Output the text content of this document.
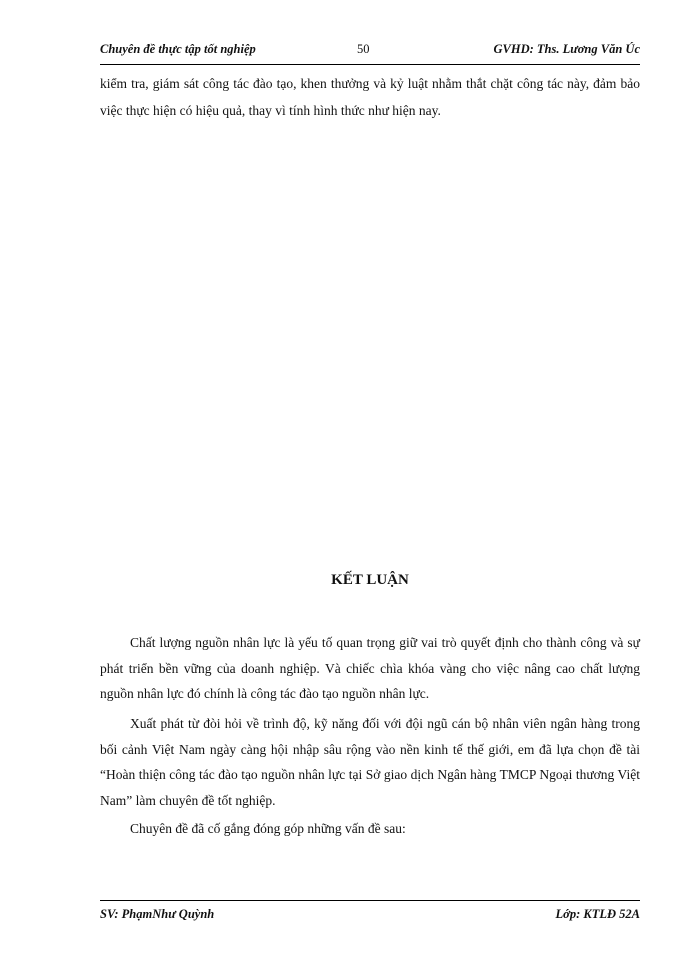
Chuyên đề thực tập tốt nghiệp	50	GVHD: Ths. Lương Văn Úc

kiểm tra, giám sát công tác đào tạo, khen thưởng và kỷ luật nhằm thắt chặt công tác này, đảm bảo việc thực hiện có hiệu quả, thay vì tính hình thức như hiện nay.

KẾT LUẬN

Chất lượng nguồn nhân lực là yếu tố quan trọng giữ vai trò quyết định cho thành công và sự phát triển bền vững của doanh nghiệp. Và chiếc chìa khóa vàng cho việc nâng cao chất lượng nguồn nhân lực đó chính là công tác đào tạo nguồn nhân lực.

Xuất phát từ đòi hỏi về trình độ, kỹ năng đối với đội ngũ cán bộ nhân viên ngân hàng trong bối cảnh Việt Nam ngày càng hội nhập sâu rộng vào nền kinh tế thế giới, em đã lựa chọn đề tài “Hoàn thiện công tác đào tạo nguồn nhân lực tại Sở giao dịch Ngân hàng TMCP Ngoại thương Việt Nam” làm chuyên đề tốt nghiệp.

Chuyên đề đã cố gắng đóng góp những vấn đề sau:

SV: PhạmNhư Quỳnh	Lớp: KTLĐ 52A
